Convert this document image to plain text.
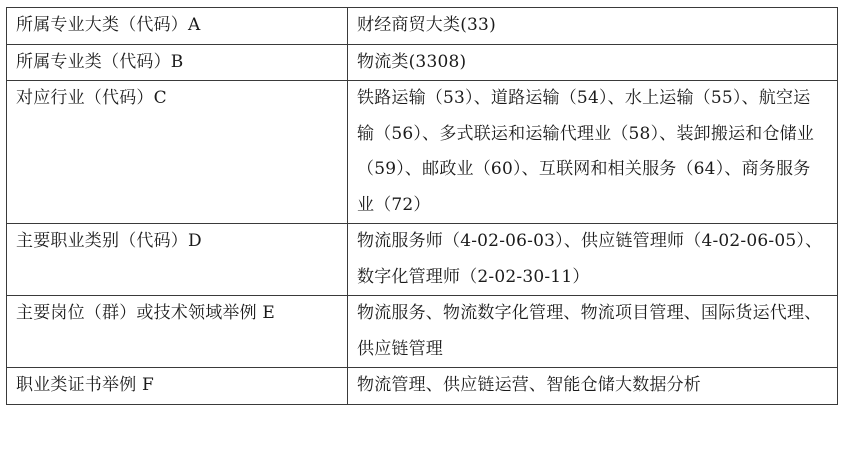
所属专业大类（代码）A	财经商贸大类(33)
所属专业类（代码）B	物流类(3308)
对应行业（代码）C	铁路运输（53）、道路运输（54）、水上运输（55）、航空运输（56）、多式联运和运输代理业（58）、装卸搬运和仓储业（59）、邮政业（60）、互联网和相关服务（64）、商务服务业（72）
主要职业类别（代码）D	物流服务师（4-02-06-03）、供应链管理师（4-02-06-05）、数字化管理师（2-02-30-11）
主要岗位（群）或技术领域举例 E	物流服务、物流数字化管理、物流项目管理、国际货运代理、供应链管理
职业类证书举例 F	物流管理、供应链运营、智能仓储大数据分析
